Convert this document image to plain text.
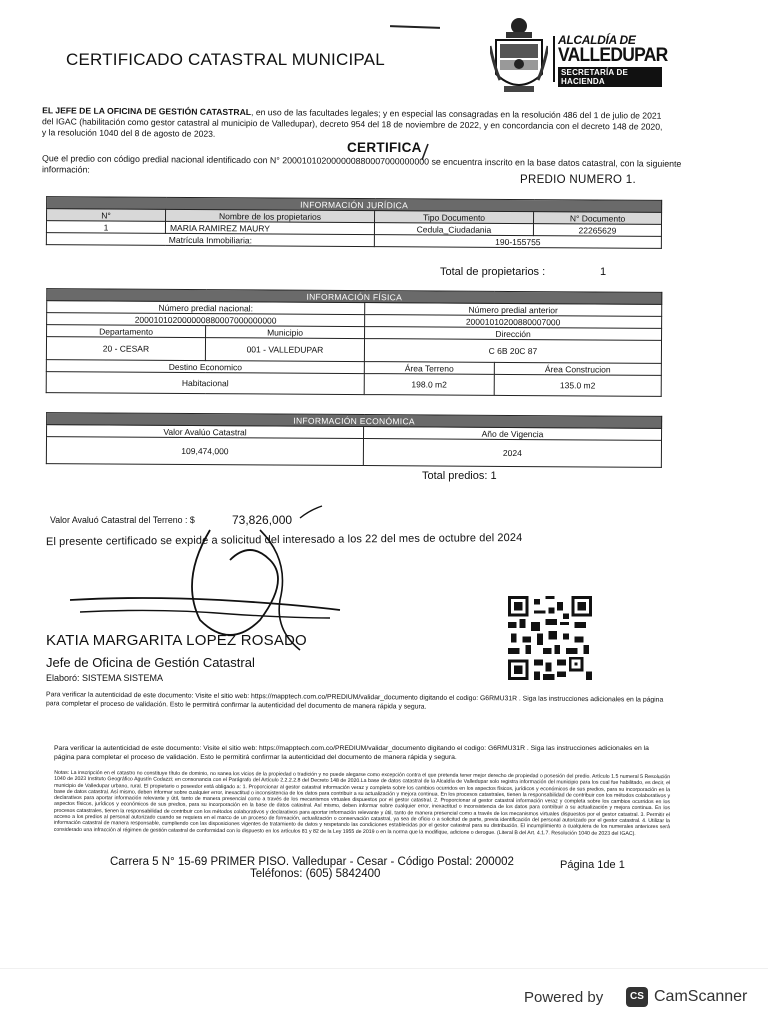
CERTIFICADO CATASTRAL MUNICIPAL
ALCALDÍA DE
VALLEDUPAR
SECRETARÍA DE HACIENDA
EL JEFE DE LA OFICINA DE GESTIÓN CATASTRAL, en uso de las facultades legales; y en especial las consagradas en la resolución 486 del 1 de julio de 2021 del IGAC (habilitación como gestor catastral al municipio de Valledupar), decreto 954 del 18 de noviembre de 2022, y en concordancia con el decreto 148 de 2020, y la resolución 1040 del 8 de agosto de 2023.
CERTIFICA
Que el predio con código predial nacional identificado con N° 200010102000000880007000000000 se encuentra inscrito en la base datos catastral, con la siguiente información:
PREDIO NUMERO 1.
INFORMACIÓN JURÍDICA			
N°	Nombre de los propietarios	Tipo Documento	N° Documento
1	MARIA RAMIREZ MAURY	Cedula_Ciudadania	22265629
Matrícula Inmobiliaria:		190-155755	
Total de propietarios :	1
INFORMACIÓN FÍSICA			
Número predial nacional:		Número predial anterior	
200010102000000880007000000000		20001010200880007000	
Departamento	Municipio	Dirección	
20 - CESAR	001 - VALLEDUPAR	C 6B 20C 87	
Destino Economico		Área Terreno	Área Construcion
Habitacional		198.0 m2	135.0 m2
INFORMACIÓN ECONÓMICA	
Valor Avalúo Catastral	Año de Vigencia
109,474,000	2024
Total predios: 1
Valor Avaluó Catastral del Terreno : $	73,826,000
El presente certificado se expide a solicitud del interesado a los 22 del mes de octubre del 2024
KATIA MARGARITA LOPEZ ROSADO
Jefe de Oficina de Gestión Catastral
Elaboró: SISTEMA SISTEMA
Para verificar la autenticidad de este documento: Visite el sitio web: https://mapptech.com.co/PREDIUM/validar_documento digitando el codigo: G6RMU31R . Siga las instrucciones adicionales en la página para completar el proceso de validación. Esto le permitirá confirmar la autenticidad del documento de manera rápida y segura.
Para verificar la autenticidad de este documento: Visite el sitio web: https://mapptech.com.co/PREDIUM/validar_documento digitando el codigo: G6RMU31R . Siga las instrucciones adicionales en la página para completar el proceso de validación. Esto le permitirá confirmar la autenticidad del documento de manera rápida y segura.
Notas: La inscripción en el catastro no constituye título de dominio, no sanea los vicios de la propiedad o tradición y no puede alegarse como excepción contra el que pretenda tener mejor derecho de propiedad o posesión del predio. Artículo 1.5 numeral 5 Resolución 1040 de 2023 Instituto Geográfico Agustín Codazzi; en consonancia con el Parágrafo del Artículo 2.2.2.2.8 del Decreto 148 de 2020.La base de datos catastral de la Alcaldía de Valledupar solo registra información del municipio para los cual fue habilitado, es decir, el municipio de Valledupar urbano, rural. El propietario o poseedor está obligado a: 1. Proporcionar al gestor catastral información veraz y completa sobre los cambios ocurridos en los aspectos físicos, jurídicos y económicos de sus predios, para su incorporación en la base de datos catastral. Así mismo, deben informar sobre cualquier error, inexactitud o inconsistencia de los datos para contribuir a su actualización y mejora continua. En los procesos catastrales, tienen la responsabilidad de contribuir con los métodos colaborativos y declarativos para aportar información relevante y útil, tanto de manera presencial como a través de los mecanismos virtuales dispuestos por el gestor catastral. 2. Proporcionar al gestor catastral información veraz y completa sobre los cambios ocurridos en los aspectos físicos, jurídicos y económicos de sus predios, para su incorporación en la base de datos catastral. Así mismo, deben informar sobre cualquier error, inexactitud o inconsistencia de los datos para contribuir a su actualización y mejora continua. En los procesos catastrales, tienen la responsabilidad de contribuir con los métodos colaborativos y declarativos para aportar información relevante y útil, tanto de manera presencial como a través de los mecanismos virtuales dispuestos por el gestor catastral. 3. Permitir el acceso a los predios al personal autorizado cuando se requiera en el marco de un proceso de formación, actualización o conservación catastral, ya sea de oficio o a solicitud de parte, previa identificación del personal autorizado por el gestor catastral. 4. Utilizar la información catastral de manera responsable, cumpliendo con las disposiciones vigentes de tratamiento de datos y respetando las condiciones establecidas por el gestor catastral para su distribución. El incumplimiento a cualquiera de los numerales anteriores será considerado una infracción al régimen de gestión catastral de conformidad con lo dispuesto en los artículos 81 y 82 de la Ley 1955 de 2019 o en la norma que la modifique, adicione o derogue. (Literal B del Art. 4.1.7. Resolución 1040 de 2023 del IGAC).
Carrera 5 N° 15-69 PRIMER PISO. Valledupar - Cesar - Código Postal: 200002
Teléfonos: (605) 5842400
Página 1de 1
Powered by	CS CamScanner
